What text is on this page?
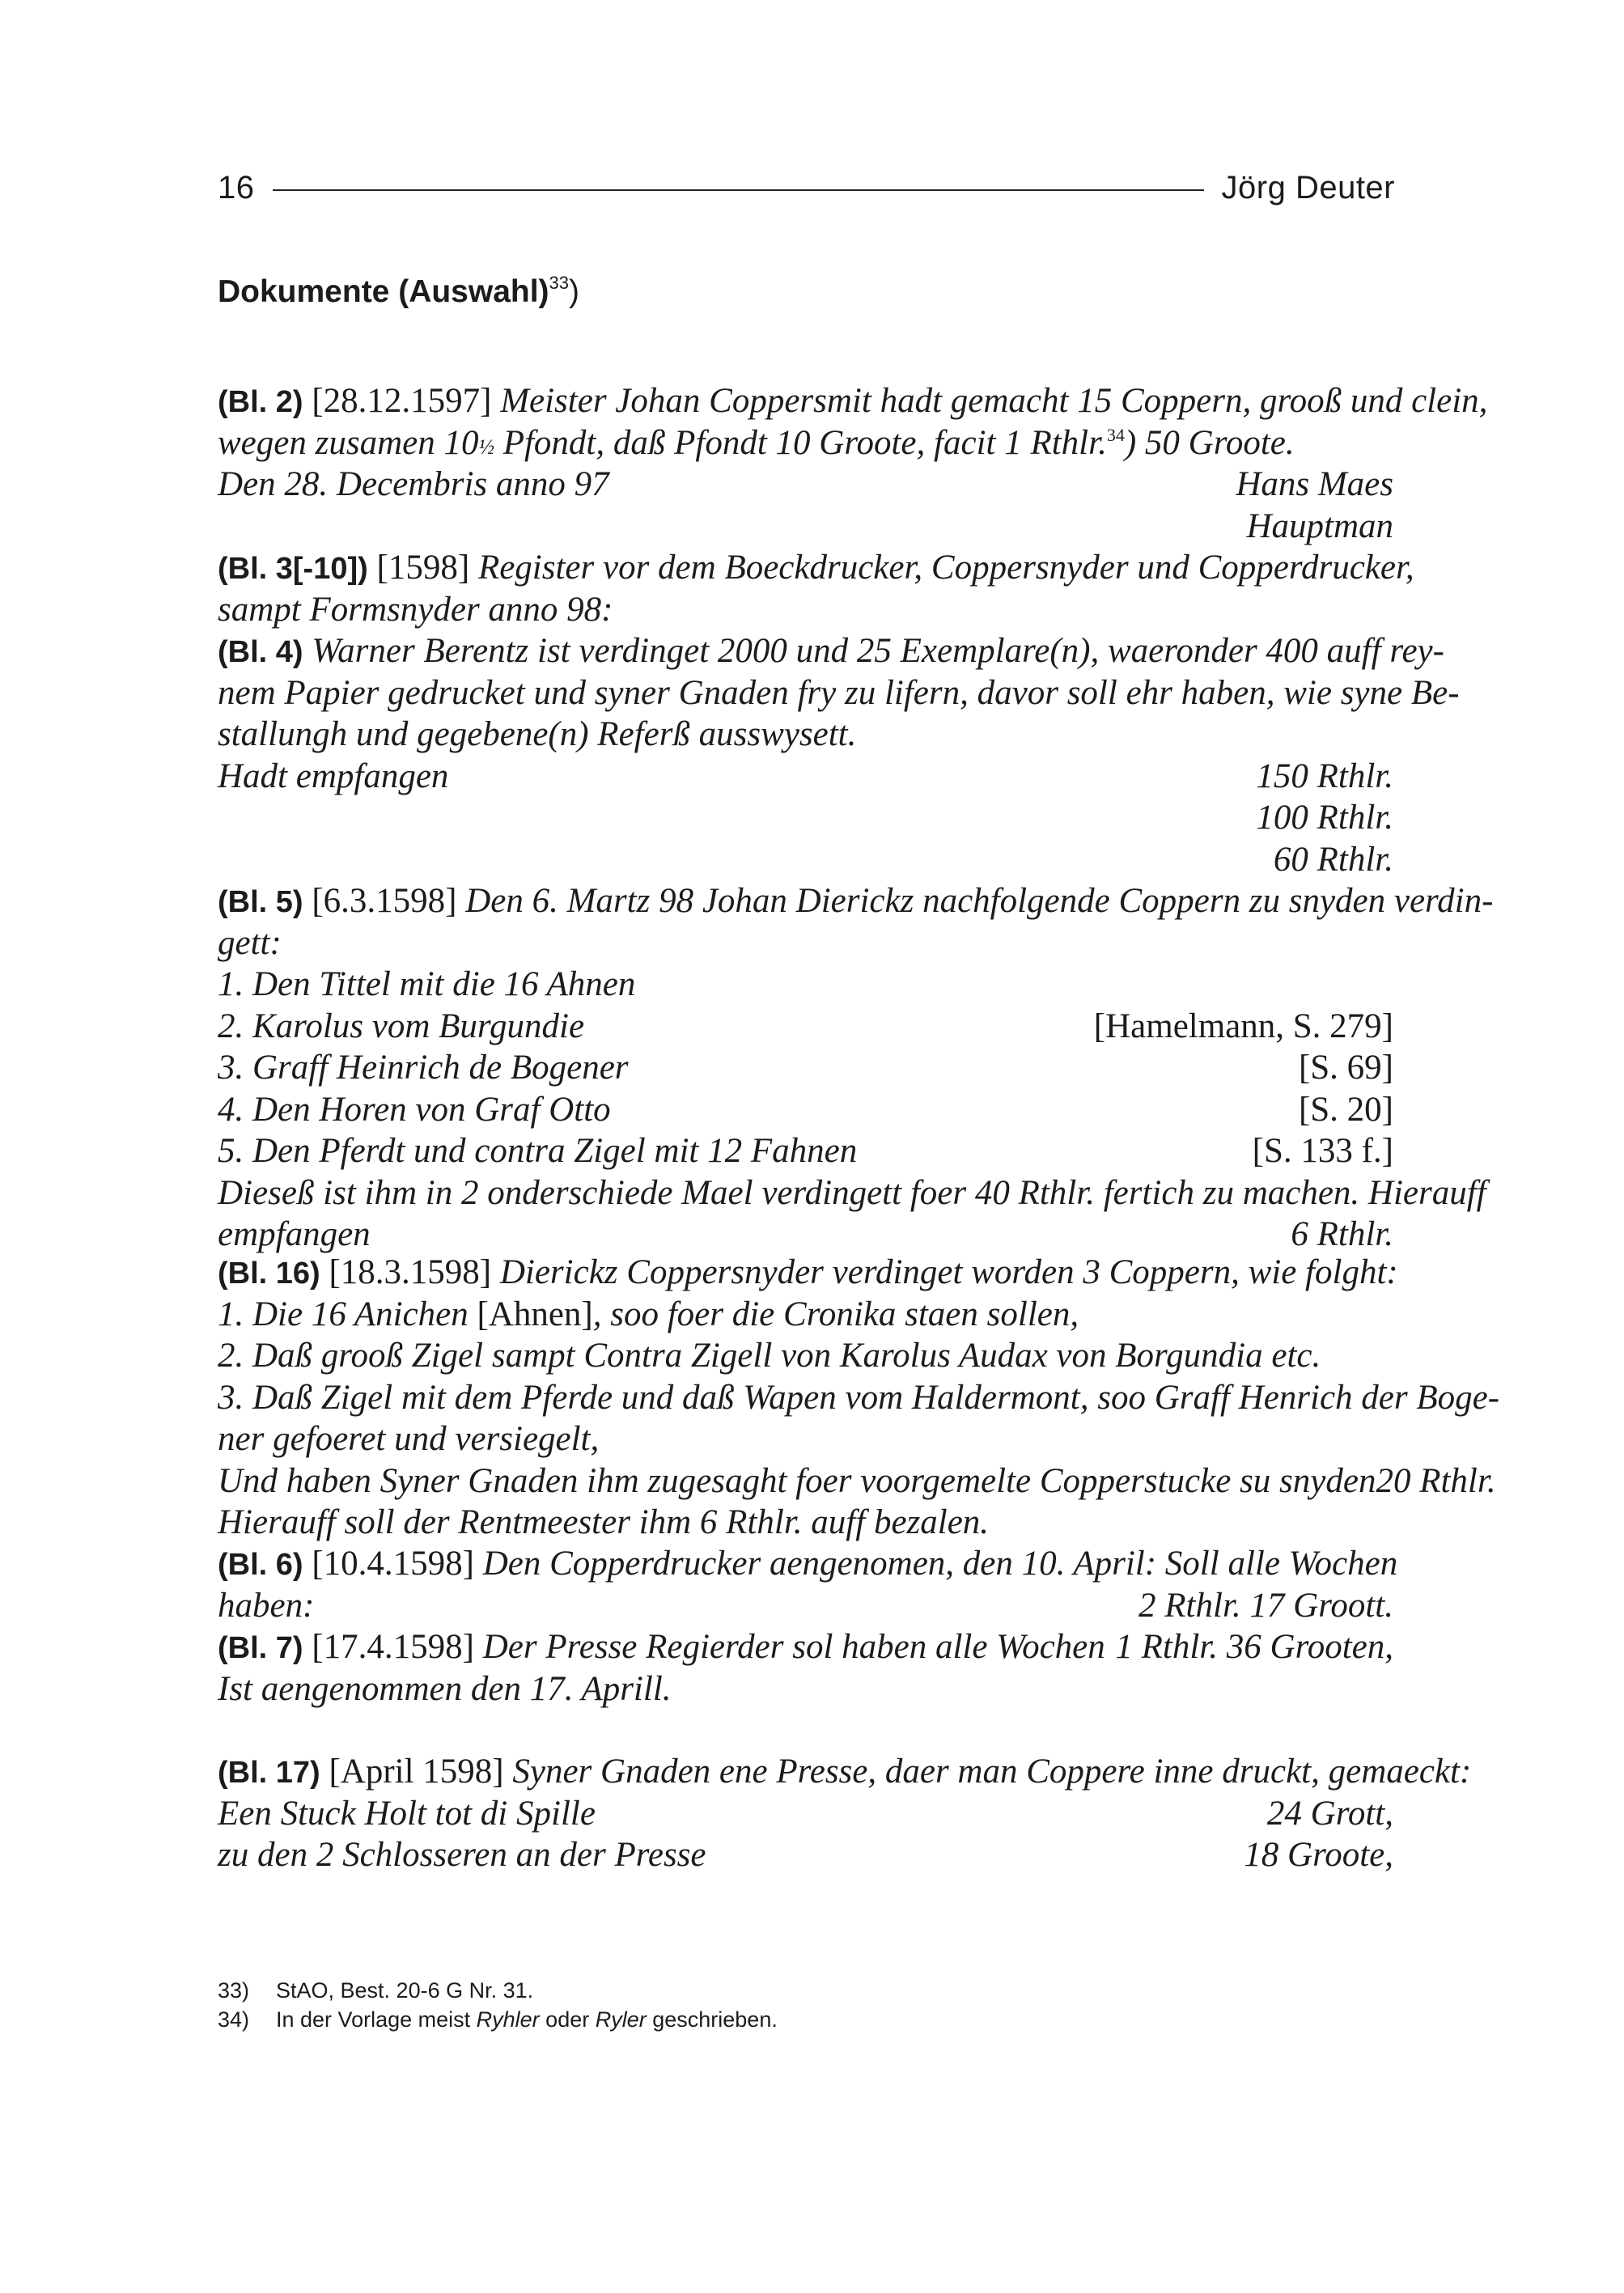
16	Jörg Deuter
Dokumente (Auswahl)$^{33}$)
(Bl. 2) [28.12.1597] Meister Johan Coppersmit hadt gemacht 15 Coppern, grooß und clein,
wegen zusamen 10½ Pfondt, daß Pfondt 10 Groote, facit 1 Rthlr.$^{34}$) 50 Groote.
Den 28. Decembris anno 97	Hans Maes
Hauptman
(Bl. 3[-10]) [1598] Register vor dem Boeckdrucker, Coppersnyder und Copperdrucker,
sampt Formsnyder anno 98:
(Bl. 4) Warner Berentz ist verdinget 2000 und 25 Exemplare(n), waeronder 400 auff rey-
nem Papier gedrucket und syner Gnaden fry zu lifern, davor soll ehr haben, wie syne Be-
stallungh und gegebene(n) Referß ausswysett.
Hadt empfangen	150 Rthlr.
100 Rthlr.
60 Rthlr.
(Bl. 5) [6.3.1598] Den 6. Martz 98 Johan Dierickz nachfolgende Coppern zu snyden verdin-
gett:
1. Den Tittel mit die 16 Ahnen
2. Karolus vom Burgundie	[Hamelmann, S. 279]
3. Graff Heinrich de Bogener	[S. 69]
4. Den Horen von Graf Otto	[S. 20]
5. Den Pferdt und contra Zigel mit 12 Fahnen	[S. 133 f.]
Dieseß ist ihm in 2 onderschiede Mael verdingett foer 40 Rthlr. fertich zu machen. Hierauff
empfangen	6 Rthlr.
(Bl. 16) [18.3.1598] Dierickz Coppersnyder verdinget worden 3 Coppern, wie folght:
1. Die 16 Anichen [Ahnen], soo foer die Cronika staen sollen,
2. Daß grooß Zigel sampt Contra Zigell von Karolus Audax von Borgundia etc.
3. Daß Zigel mit dem Pferde und daß Wapen vom Haldermont, soo Graff Henrich der Boge-
ner gefoeret und versiegelt,
Und haben Syner Gnaden ihm zugesaght foer voorgemelte Copperstucke su snyden 20 Rthlr.
Hierauff soll der Rentmeester ihm 6 Rthlr. auff bezalen.
(Bl. 6) [10.4.1598] Den Copperdrucker aengenomen, den 10. April: Soll alle Wochen
haben:	2 Rthlr. 17 Groott.
(Bl. 7) [17.4.1598] Der Presse Regierder sol haben alle Wochen 1 Rthlr. 36 Grooten,
Ist aengenommen den 17. Aprill.
(Bl. 17) [April 1598] Syner Gnaden ene Presse, daer man Coppere inne druckt, gemaeckt:
Een Stuck Holt tot di Spille	24 Grott,
zu den 2 Schlosseren an der Presse	18 Groote,
33)	StAO, Best. 20-6 G Nr. 31.
34)	In der Vorlage meist Ryhler oder Ryler geschrieben.
